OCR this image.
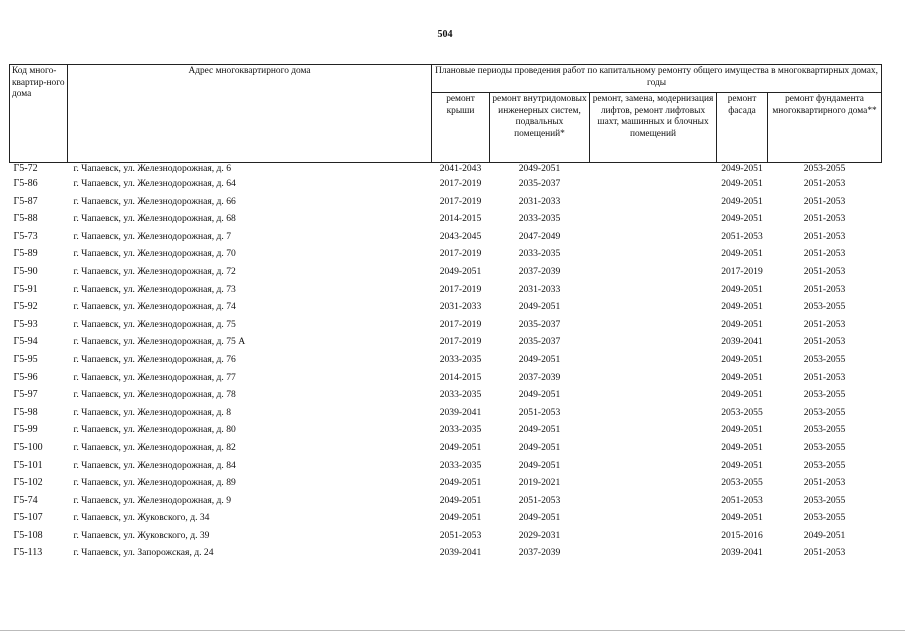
504
Код много-квартир-ного дома	Адрес многоквартирного дома	Плановые периоды проведения работ по капитальному ремонту общего имущества в многоквартирных домах, годы				
		ремонт крыши	ремонт внутридомовых инженерных систем, подвальных помещений*	ремонт, замена, модернизация лифтов, ремонт лифтовых шахт, машинных и блочных помещений	ремонт фасада	ремонт фундамента многоквартирного дома**
Г5-72	г. Чапаевск, ул. Железнодорожная, д. 6	2041-2043	2049-2051		2049-2051	2053-2055
Г5-86	г. Чапаевск, ул. Железнодорожная, д. 64	2017-2019	2035-2037		2049-2051	2051-2053
Г5-87	г. Чапаевск, ул. Железнодорожная, д. 66	2017-2019	2031-2033		2049-2051	2051-2053
Г5-88	г. Чапаевск, ул. Железнодорожная, д. 68	2014-2015	2033-2035		2049-2051	2051-2053
Г5-73	г. Чапаевск, ул. Железнодорожная, д. 7	2043-2045	2047-2049		2051-2053	2051-2053
Г5-89	г. Чапаевск, ул. Железнодорожная, д. 70	2017-2019	2033-2035		2049-2051	2051-2053
Г5-90	г. Чапаевск, ул. Железнодорожная, д. 72	2049-2051	2037-2039		2017-2019	2051-2053
Г5-91	г. Чапаевск, ул. Железнодорожная, д. 73	2017-2019	2031-2033		2049-2051	2051-2053
Г5-92	г. Чапаевск, ул. Железнодорожная, д. 74	2031-2033	2049-2051		2049-2051	2053-2055
Г5-93	г. Чапаевск, ул. Железнодорожная, д. 75	2017-2019	2035-2037		2049-2051	2051-2053
Г5-94	г. Чапаевск, ул. Железнодорожная, д. 75 А	2017-2019	2035-2037		2039-2041	2051-2053
Г5-95	г. Чапаевск, ул. Железнодорожная, д. 76	2033-2035	2049-2051		2049-2051	2053-2055
Г5-96	г. Чапаевск, ул. Железнодорожная, д. 77	2014-2015	2037-2039		2049-2051	2051-2053
Г5-97	г. Чапаевск, ул. Железнодорожная, д. 78	2033-2035	2049-2051		2049-2051	2053-2055
Г5-98	г. Чапаевск, ул. Железнодорожная, д. 8	2039-2041	2051-2053		2053-2055	2053-2055
Г5-99	г. Чапаевск, ул. Железнодорожная, д. 80	2033-2035	2049-2051		2049-2051	2053-2055
Г5-100	г. Чапаевск, ул. Железнодорожная, д. 82	2049-2051	2049-2051		2049-2051	2053-2055
Г5-101	г. Чапаевск, ул. Железнодорожная, д. 84	2033-2035	2049-2051		2049-2051	2053-2055
Г5-102	г. Чапаевск, ул. Железнодорожная, д. 89	2049-2051	2019-2021		2053-2055	2051-2053
Г5-74	г. Чапаевск, ул. Железнодорожная, д. 9	2049-2051	2051-2053		2051-2053	2053-2055
Г5-107	г. Чапаевск, ул. Жуковского, д. 34	2049-2051	2049-2051		2049-2051	2053-2055
Г5-108	г. Чапаевск, ул. Жуковского, д. 39	2051-2053	2029-2031		2015-2016	2049-2051
Г5-113	г. Чапаевск, ул. Запорожская, д. 24	2039-2041	2037-2039		2039-2041	2051-2053
